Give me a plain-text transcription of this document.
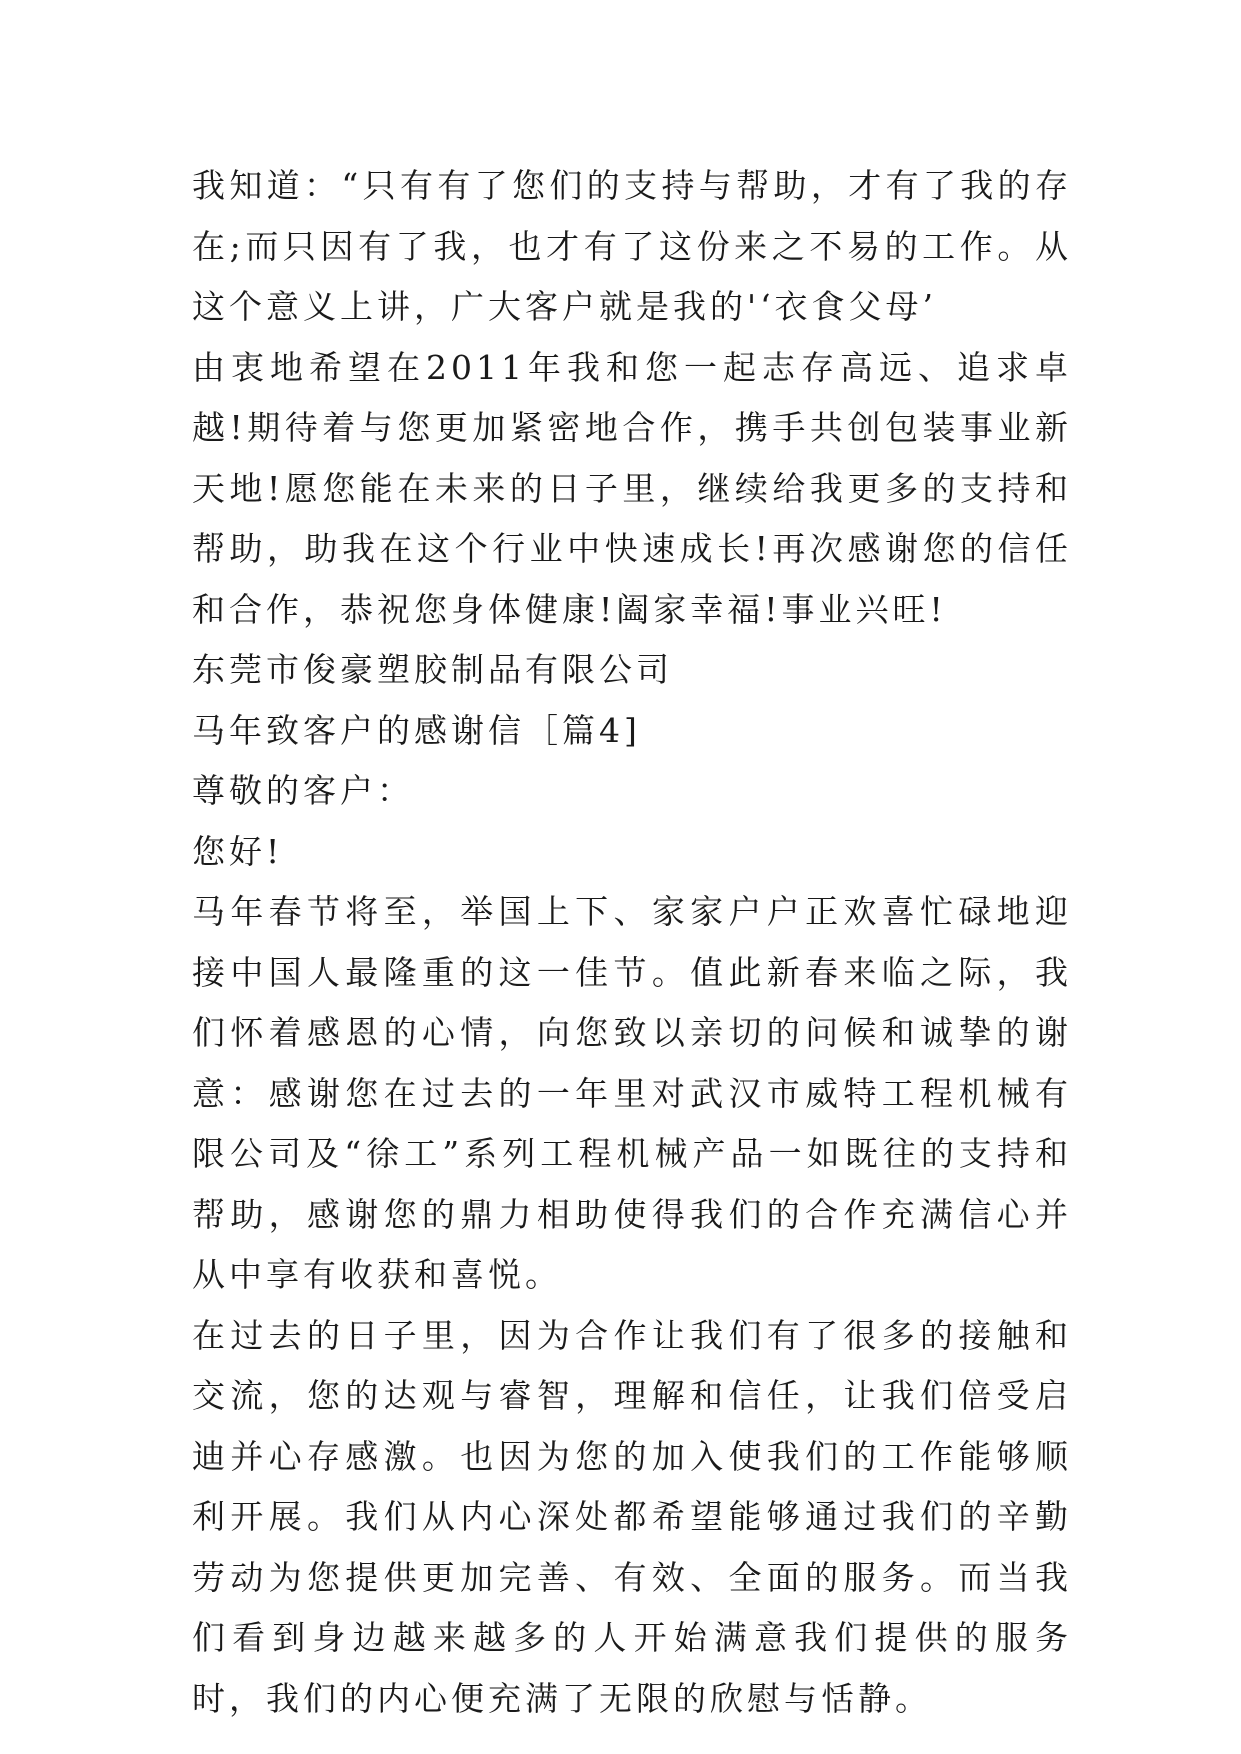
我知道：“只有有了您们的支持与帮助，才有了我的存在;而只因有了我，也才有了这份来之不易的工作。从这个意义上讲，广大客户就是我的'‘衣食父母’

由衷地希望在2011年我和您一起志存高远、追求卓越!期待着与您更加紧密地合作，携手共创包装事业新天地!愿您能在未来的日子里，继续给我更多的支持和帮助，助我在这个行业中快速成长!再次感谢您的信任和合作，恭祝您身体健康!阖家幸福!事业兴旺!

东莞市俊豪塑胶制品有限公司

马年致客户的感谢信［篇4]

尊敬的客户：

您好!

马年春节将至，举国上下、家家户户正欢喜忙碌地迎接中国人最隆重的这一佳节。值此新春来临之际，我们怀着感恩的心情，向您致以亲切的问候和诚挚的谢意：感谢您在过去的一年里对武汉市威特工程机械有限公司及“徐工”系列工程机械产品一如既往的支持和帮助，感谢您的鼎力相助使得我们的合作充满信心并从中享有收获和喜悦。

在过去的日子里，因为合作让我们有了很多的接触和交流，您的达观与睿智，理解和信任，让我们倍受启迪并心存感激。也因为您的加入使我们的工作能够顺利开展。我们从内心深处都希望能够通过我们的辛勤劳动为您提供更加完善、有效、全面的服务。而当我们看到身边越来越多的人开始满意我们提供的服务时，我们的内心便充满了无限的欣慰与恬静。
